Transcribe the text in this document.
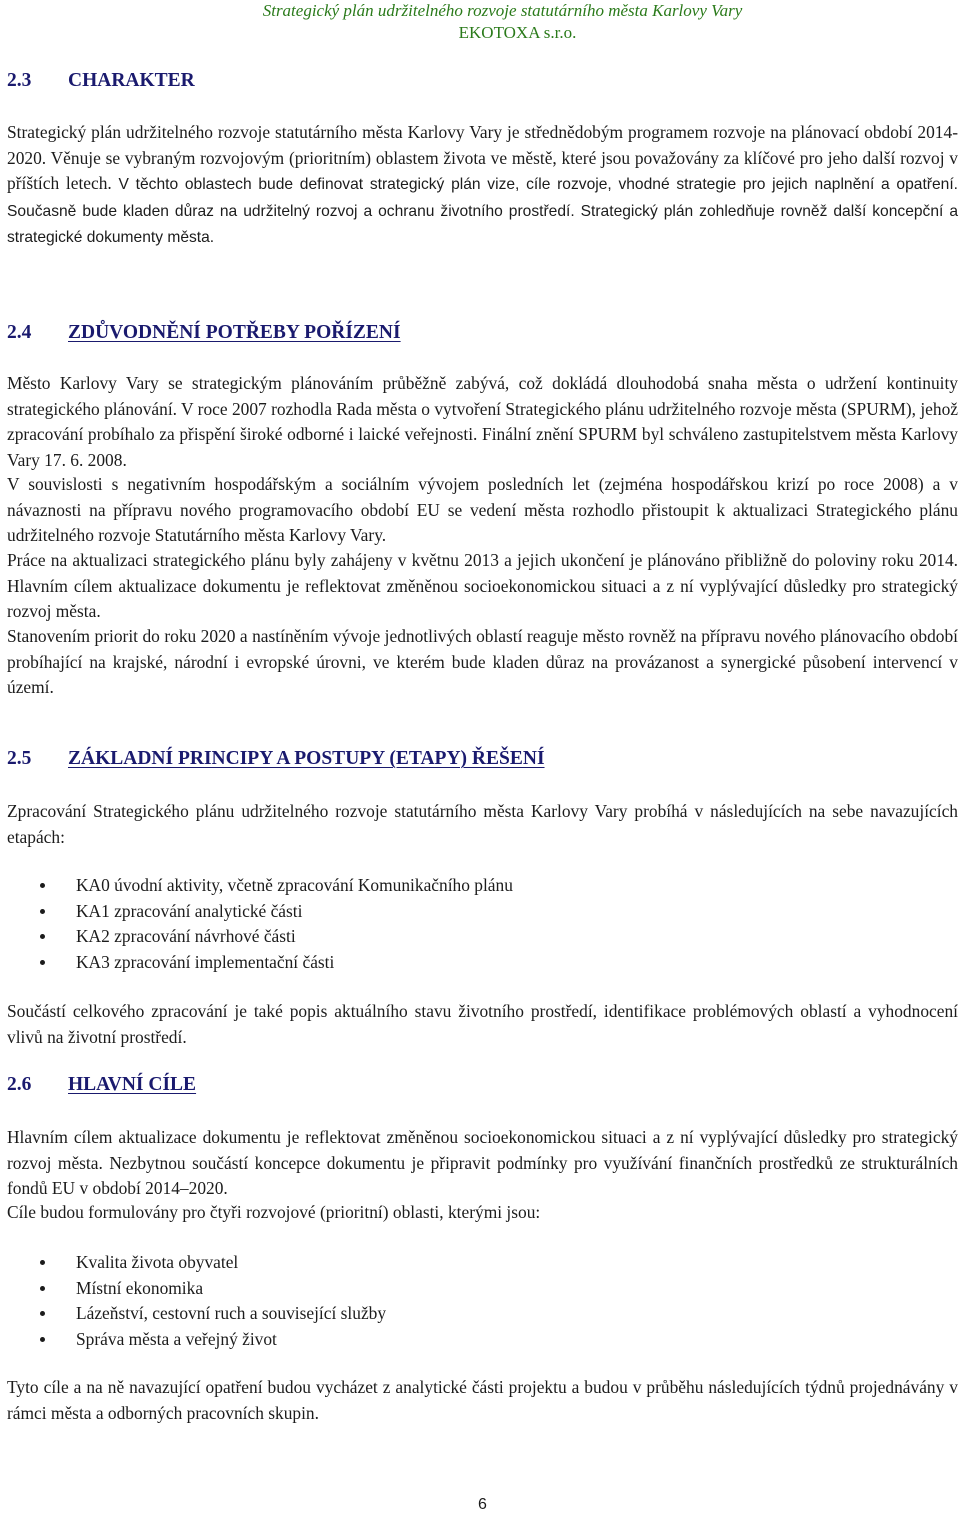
Strategický plán udržitelného rozvoje statutárního města Karlovy Vary
EKOTOXA s.r.o.
2.3 CHARAKTER

Strategický plán udržitelného rozvoje statutárního města Karlovy Vary je střednědobým programem rozvoje na plánovací období 2014-2020. Věnuje se vybraným rozvojovým (prioritním) oblastem života ve městě, které jsou považovány za klíčové pro jeho další rozvoj v příštích letech. V těchto oblastech bude definovat strategický plán vize, cíle rozvoje, vhodné strategie pro jejich naplnění a opatření. Současně bude kladen důraz na udržitelný rozvoj a ochranu životního prostředí. Strategický plán zohledňuje rovněž další koncepční a strategické dokumenty města.

2.4 ZDŮVODNĚNÍ POTŘEBY POŘÍZENÍ

Město Karlovy Vary se strategickým plánováním průběžně zabývá, což dokládá dlouhodobá snaha města o udržení kontinuity strategického plánování. V roce 2007 rozhodla Rada města o vytvoření Strategického plánu udržitelného rozvoje města (SPURM), jehož zpracování probíhalo za přispění široké odborné i laické veřejnosti. Finální znění SPURM byl schváleno zastupitelstvem města Karlovy Vary 17. 6. 2008.

V souvislosti s negativním hospodářským a sociálním vývojem posledních let (zejména hospodářskou krizí po roce 2008) a v návaznosti na přípravu nového programovacího období EU se vedení města rozhodlo přistoupit k aktualizaci Strategického plánu udržitelného rozvoje Statutárního města Karlovy Vary.

Práce na aktualizaci strategického plánu byly zahájeny v květnu 2013 a jejich ukončení je plánováno přibližně do poloviny roku 2014. Hlavním cílem aktualizace dokumentu je reflektovat změněnou socioekonomickou situaci a z ní vyplývající důsledky pro strategický rozvoj města.

Stanovením priorit do roku 2020 a nastíněním vývoje jednotlivých oblastí reaguje město rovněž na přípravu nového plánovacího období probíhající na krajské, národní i evropské úrovni, ve kterém bude kladen důraz na provázanost a synergické působení intervencí v území.

2.5 ZÁKLADNÍ PRINCIPY A POSTUPY (ETAPY) ŘEŠENÍ

Zpracování Strategického plánu udržitelného rozvoje statutárního města Karlovy Vary probíhá v následujících na sebe navazujících etapách:

KA0 úvodní aktivity, včetně zpracování Komunikačního plánu
KA1 zpracování analytické části
KA2 zpracování návrhové části
KA3 zpracování implementační části

Součástí celkového zpracování je také popis aktuálního stavu životního prostředí, identifikace problémových oblastí a vyhodnocení vlivů na životní prostředí.

2.6 HLAVNÍ CÍLE

Hlavním cílem aktualizace dokumentu je reflektovat změněnou socioekonomickou situaci a z ní vyplývající důsledky pro strategický rozvoj města. Nezbytnou součástí koncepce dokumentu je připravit podmínky pro využívání finančních prostředků ze strukturálních fondů EU v období 2014–2020.

Cíle budou formulovány pro čtyři rozvojové (prioritní) oblasti, kterými jsou:

Kvalita života obyvatel
Místní ekonomika
Lázeňství, cestovní ruch a související služby
Správa města a veřejný život

Tyto cíle a na ně navazující opatření budou vycházet z analytické části projektu a budou v průběhu následujících týdnů projednávány v rámci města a odborných pracovních skupin.

6
